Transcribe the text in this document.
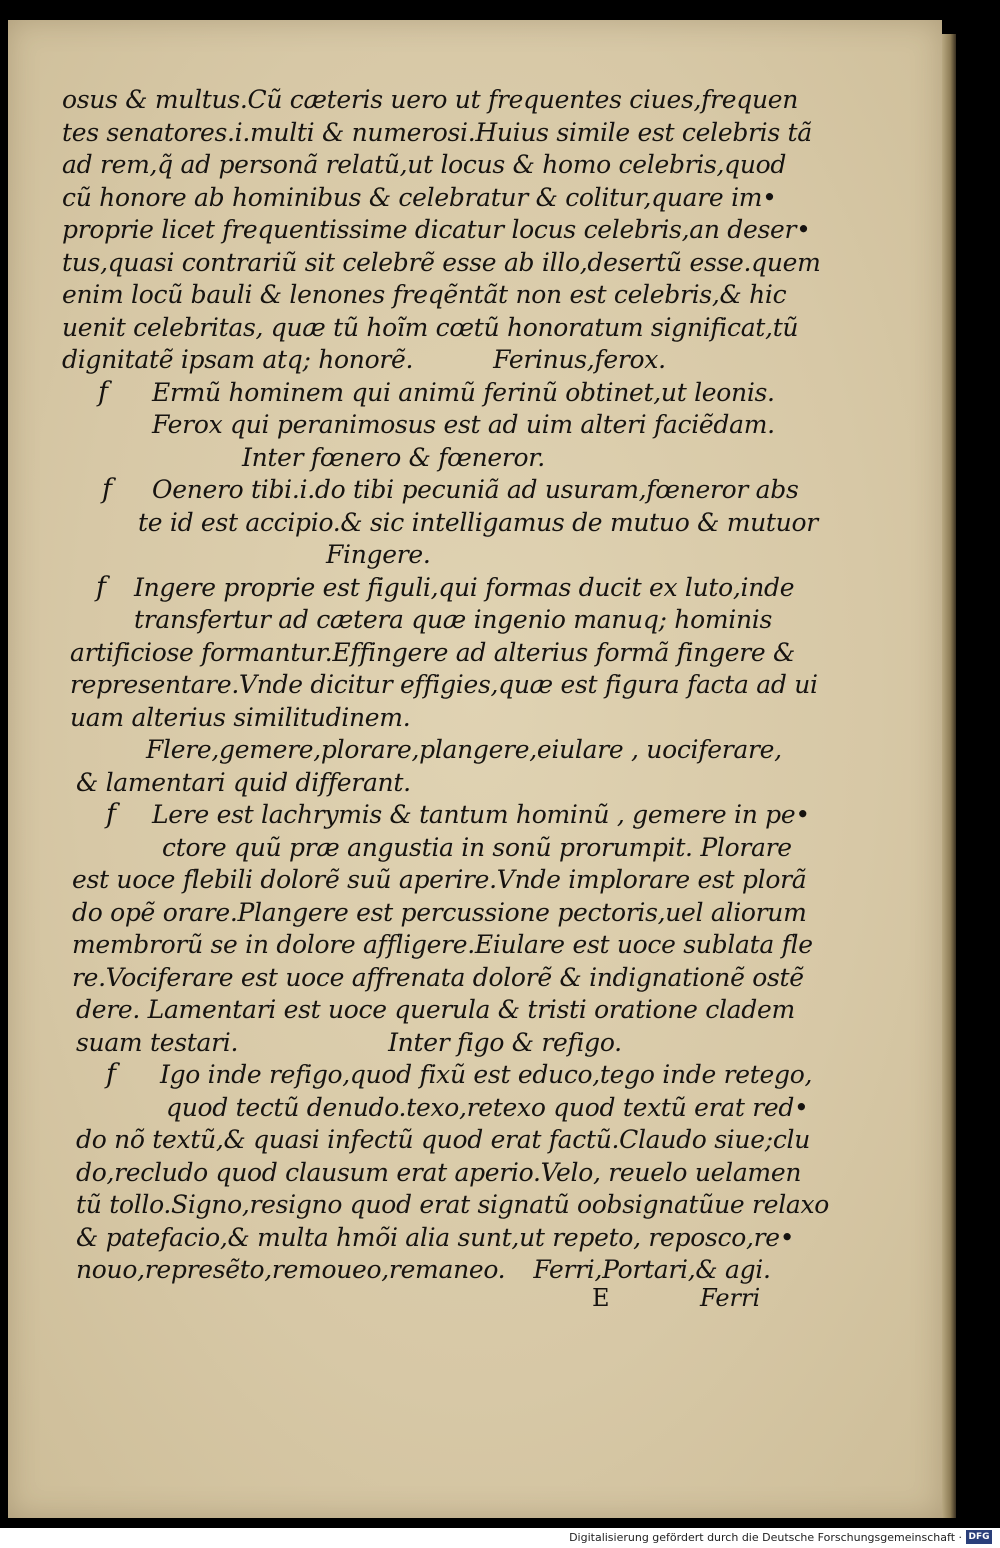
osus & multus.Cũ cæteris uero ut frequentes ciues,frequen
tes senatores.i.multi & numerosi.Huius simile est celebris tã
ad rem,q̃ ad personã relatũ,ut locus & homo celebris,quod
cũ honore ab hominibus & celebratur & colitur,quare im•
proprie licet frequentissime dicatur locus celebris,an deser•
tus,quasi contrariũ sit celebrẽ esse ab illo,desertũ esse.quem
enim locũ bauli & lenones freqẽntãt non est celebris,& hic
uenit celebritas, quæ tũ hoĩm cœtũ honoratum significat,tũ
dignitatẽ ipsam atq; honorẽ.	Ferinus,ferox.
f Ermũ hominem qui animũ ferinũ obtinet,ut leonis.
Ferox qui peranimosus est ad uim alteri faciẽdam.
Inter fœnero & fœneror.
f Oenero tibi.i.do tibi pecuniã ad usuram,fœneror abs
te id est accipio.& sic intelligamus de mutuo & mutuor
Fingere.
f Ingere proprie est figuli,qui formas ducit ex luto,inde
transfertur ad cætera quæ ingenio manuq; hominis
artificiose formantur.Effingere ad alterius formã fingere &
representare.Vnde dicitur effigies,quæ est figura facta ad ui
uam alterius similitudinem.
Flere,gemere,plorare,plangere,eiulare , uociferare,
& lamentari quid differant.
f Lere est lachrymis & tantum hominũ , gemere in pe•
ctore quũ præ angustia in sonũ prorumpit. Plorare
est uoce flebili dolorẽ suũ aperire.Vnde implorare est plorã
do opẽ orare.Plangere est percussione pectoris,uel aliorum
membrorũ se in dolore affligere.Eiulare est uoce sublata fle
re.Vociferare est uoce affrenata dolorẽ & indignationẽ ostẽ
dere. Lamentari est uoce querula & tristi oratione cladem
suam testari.	Inter figo & refigo.
f Igo inde refigo,quod fixũ est educo,tego inde retego,
quod tectũ denudo.texo,retexo quod textũ erat red•
do nõ textũ,& quasi infectũ quod erat factũ.Claudo siue;clu
do,recludo quod clausum erat aperio.Velo, reuelo uelamen
tũ tollo.Signo,resigno quod erat signatũ oobsignatũue relaxo
& patefacio,& multa hmõi alia sunt,ut repeto, reposco,re•
nouo,represẽto,remoueo,remaneo. Ferri,Portari,& agi.
E	Ferri
Digitalisierung gefördert durch die Deutsche Forschungsgemeinschaft · DFG
